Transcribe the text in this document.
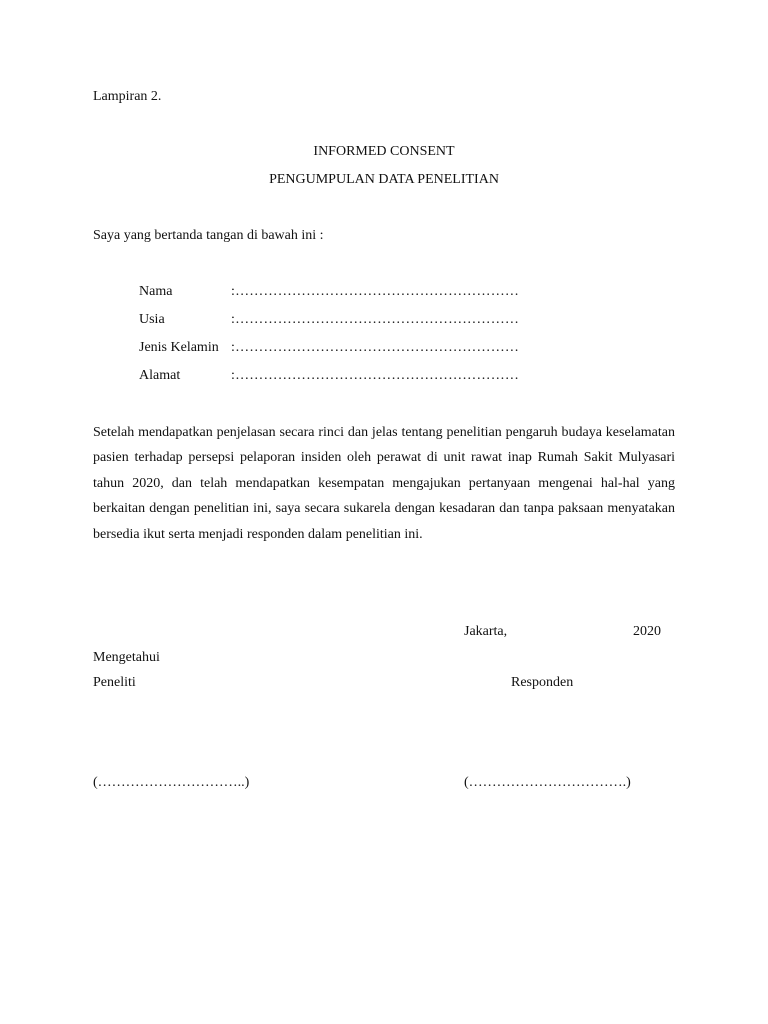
Lampiran 2.
INFORMED CONSENT
PENGUMPULAN DATA PENELITIAN
Saya yang bertanda tangan di bawah ini :
Nama	:……………………………………………………
Usia	:……………………………………………………
Jenis Kelamin :……………………………………………………
Alamat	:……………………………………………………

Setelah mendapatkan penjelasan secara rinci dan jelas tentang penelitian pengaruh budaya keselamatan pasien terhadap persepsi pelaporan insiden oleh perawat di unit rawat inap Rumah Sakit Mulyasari tahun 2020, dan telah mendapatkan kesempatan mengajukan pertanyaan mengenai hal-hal yang berkaitan dengan penelitian ini, saya secara sukarela dengan kesadaran dan tanpa paksaan menyatakan bersedia ikut serta menjadi responden dalam penelitian ini.

Jakarta,	2020
Mengetahui
Peneliti	Responden
(…………………………..)	(…………………………….)
